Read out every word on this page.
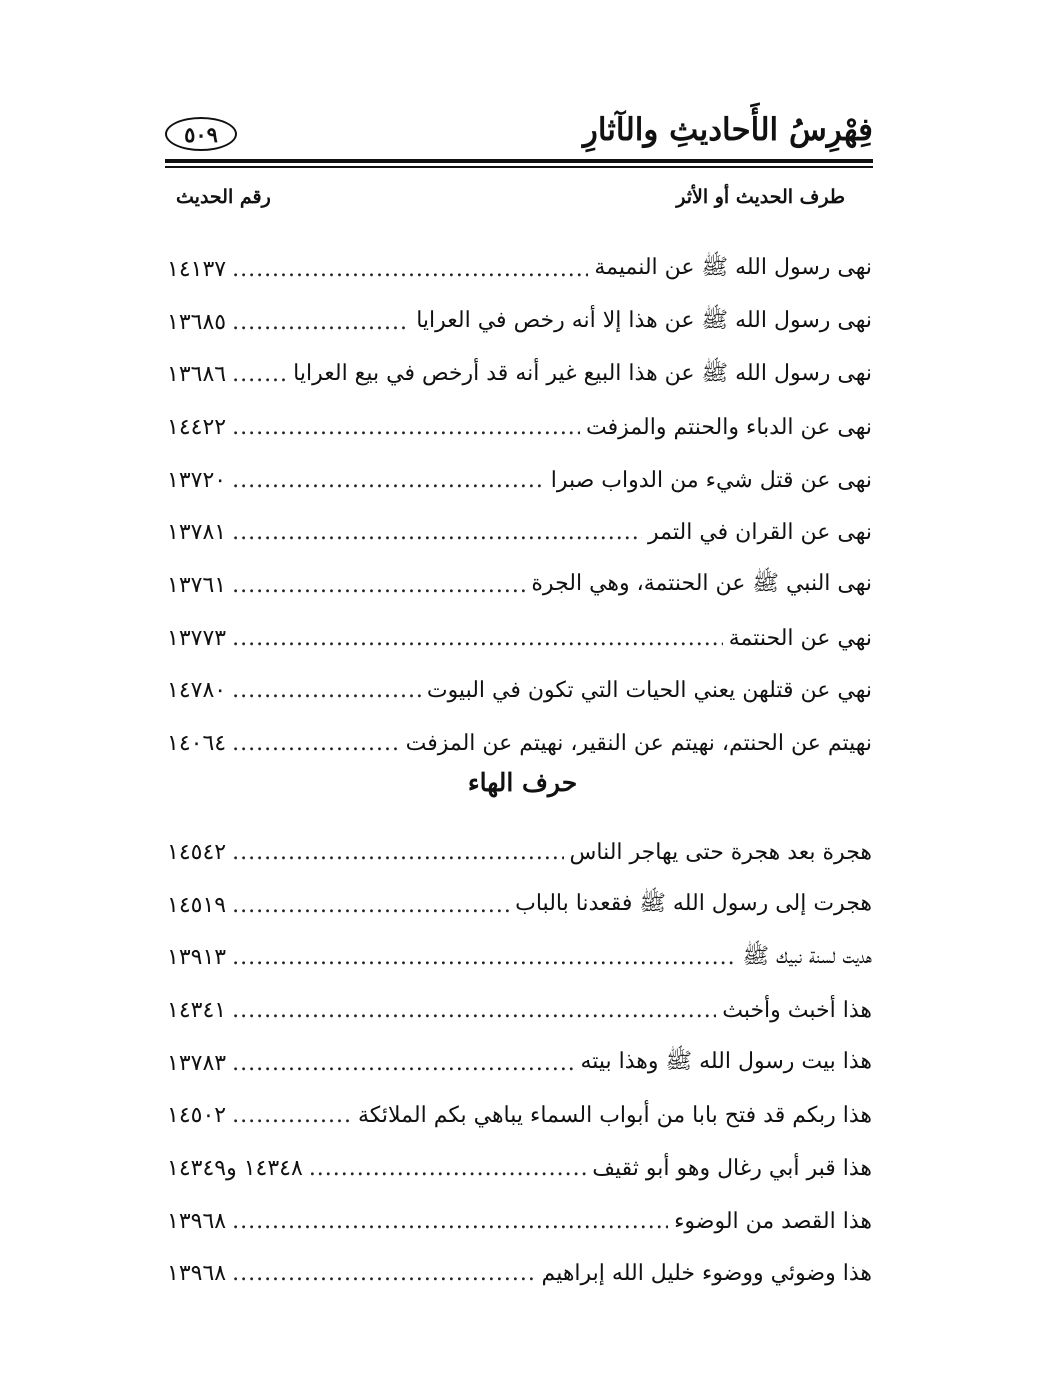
فِهْرِسُ الأَحاديثِ والآثارِ
٥٠٩
طرف الحديث أو الأثر
رقم الحديث
نهى رسول الله ﷺ عن النميمة
.....
١٤١٣٧
نهى رسول الله ﷺ عن هذا إلا أنه رخص في العرايا
.....
١٣٦٨٥
نهى رسول الله ﷺ عن هذا البيع غير أنه قد أرخص في بيع العرايا
.....
١٣٦٨٦
نهى عن الدباء والحنتم والمزفت
.....
١٤٤٢٢
نهى عن قتل شيء من الدواب صبرا
.....
١٣٧٢٠
نهى عن القران في التمر
.....
١٣٧٨١
نهى النبي ﷺ عن الحنتمة، وهي الجرة
.....
١٣٧٦١
نهي عن الحنتمة
.....
١٣٧٧٣
نهي عن قتلهن يعني الحيات التي تكون في البيوت
.....
١٤٧٨٠
نهيتم عن الحنتم، نهيتم عن النقير، نهيتم عن المزفت
.....
١٤٠٦٤
حرف الهاء
هجرة بعد هجرة حتى يهاجر الناس
.....
١٤٥٤٢
هجرت إلى رسول الله ﷺ فقعدنا بالباب
.....
١٤٥١٩
هديت لسنة نبيك ﷺ
.....
١٣٩١٣
هذا أخبث وأخبث
.....
١٤٣٤١
هذا بيت رسول الله ﷺ وهذا بيته
.....
١٣٧٨٣
هذا ربكم قد فتح بابا من أبواب السماء يباهي بكم الملائكة
.....
١٤٥٠٢
هذا قبر أبي رغال وهو أبو ثقيف
.....
١٤٣٤٨ و١٤٣٤٩
هذا القصد من الوضوء
.....
١٣٩٦٨
هذا وضوئي ووضوء خليل الله إبراهيم
.....
١٣٩٦٨
